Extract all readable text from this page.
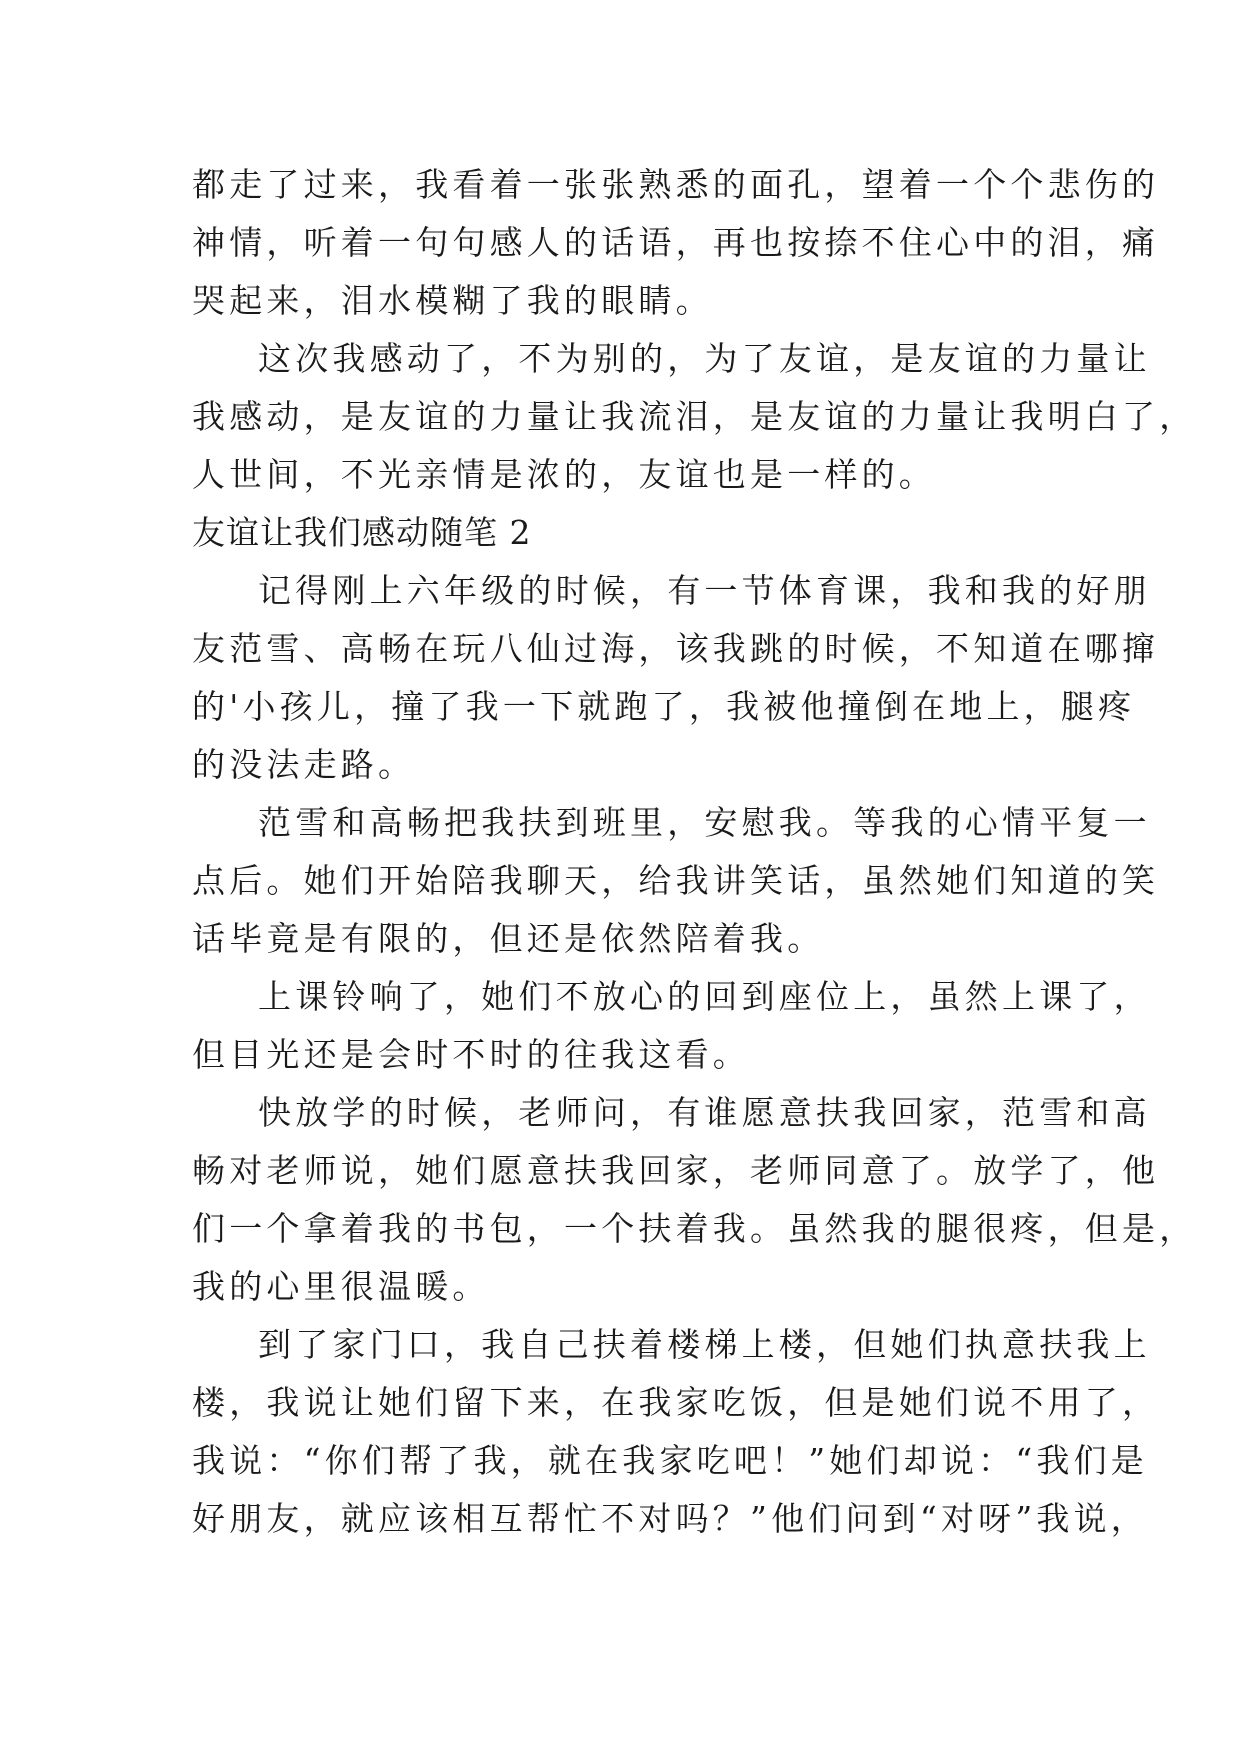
都走了过来，我看着一张张熟悉的面孔，望着一个个悲伤的
神情，听着一句句感人的话语，再也按捺不住心中的泪，痛
哭起来，泪水模糊了我的眼睛。
这次我感动了，不为别的，为了友谊，是友谊的力量让
我感动，是友谊的力量让我流泪，是友谊的力量让我明白了，
人世间，不光亲情是浓的，友谊也是一样的。
友谊让我们感动随笔 2
记得刚上六年级的时候，有一节体育课，我和我的好朋
友范雪、高畅在玩八仙过海，该我跳的时候，不知道在哪撺
的'小孩儿，撞了我一下就跑了，我被他撞倒在地上，腿疼
的没法走路。
范雪和高畅把我扶到班里，安慰我。等我的心情平复一
点后。她们开始陪我聊天，给我讲笑话，虽然她们知道的笑
话毕竟是有限的，但还是依然陪着我。
上课铃响了，她们不放心的回到座位上，虽然上课了，
但目光还是会时不时的往我这看。
快放学的时候，老师问，有谁愿意扶我回家，范雪和高
畅对老师说，她们愿意扶我回家，老师同意了。放学了，他
们一个拿着我的书包，一个扶着我。虽然我的腿很疼，但是，
我的心里很温暖。
到了家门口，我自己扶着楼梯上楼，但她们执意扶我上
楼，我说让她们留下来，在我家吃饭，但是她们说不用了，
我说：“你们帮了我，就在我家吃吧！”她们却说：“我们是
好朋友，就应该相互帮忙不对吗？”他们问到“对呀”我说，
